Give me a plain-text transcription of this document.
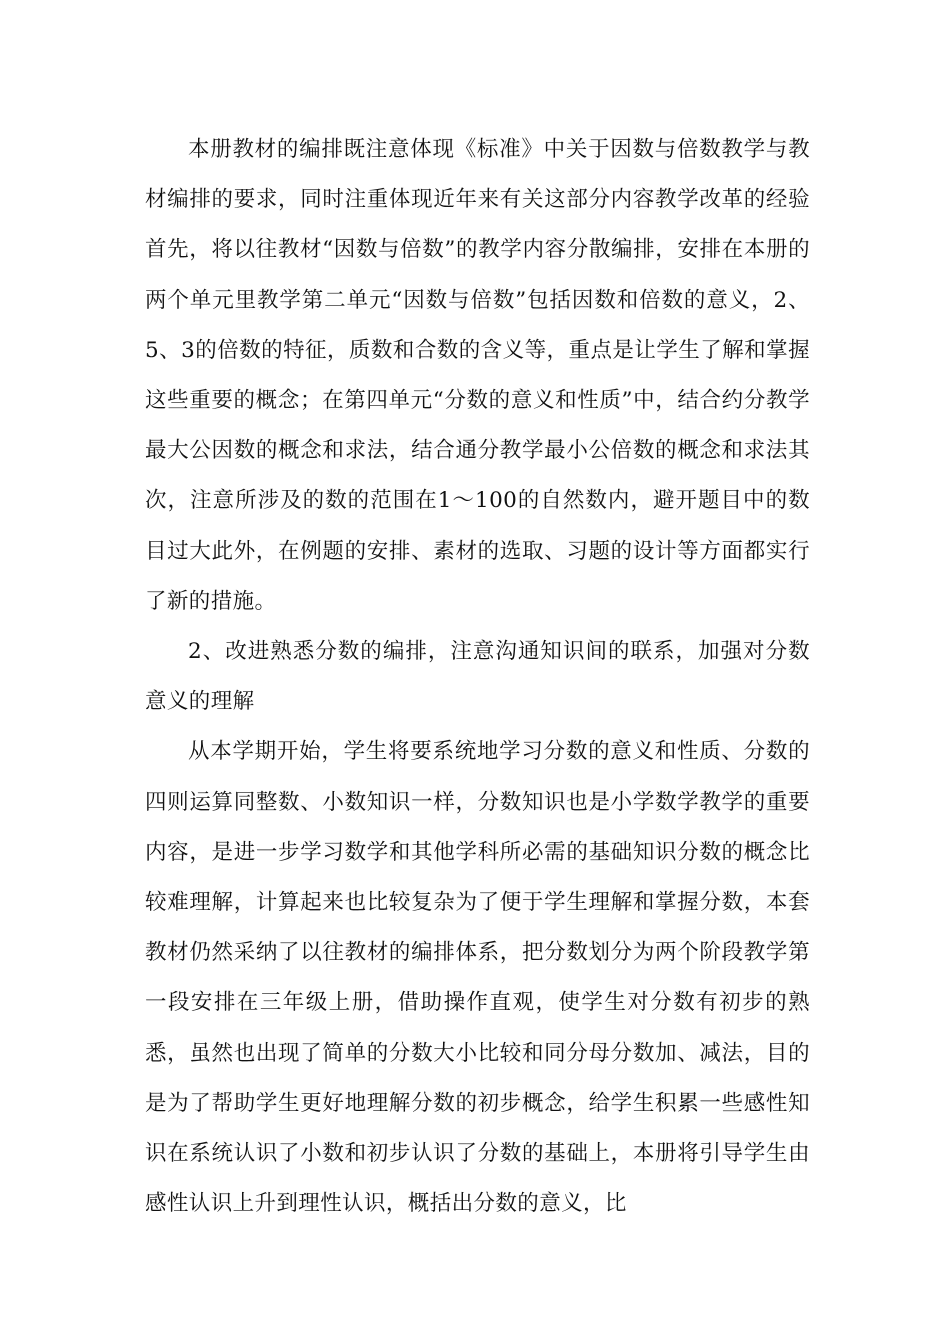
本册教材的编排既注意体现《标准》中关于因数与倍数教学与教材编排的要求，同时注重体现近年来有关这部分内容教学改革的经验首先，将以往教材“因数与倍数”的教学内容分散编排，安排在本册的两个单元里教学第二单元“因数与倍数”包括因数和倍数的意义，2、5、3的倍数的特征，质数和合数的含义等，重点是让学生了解和掌握这些重要的概念；在第四单元“分数的意义和性质”中，结合约分教学最大公因数的概念和求法，结合通分教学最小公倍数的概念和求法其次，注意所涉及的数的范围在1～100的自然数内，避开题目中的数目过大此外，在例题的安排、素材的选取、习题的设计等方面都实行了新的措施。

2、改进熟悉分数的编排，注意沟通知识间的联系，加强对分数意义的理解

从本学期开始，学生将要系统地学习分数的意义和性质、分数的四则运算同整数、小数知识一样，分数知识也是小学数学教学的重要内容，是进一步学习数学和其他学科所必需的基础知识分数的概念比较难理解，计算起来也比较复杂为了便于学生理解和掌握分数，本套教材仍然采纳了以往教材的编排体系，把分数划分为两个阶段教学第一段安排在三年级上册，借助操作直观，使学生对分数有初步的熟悉，虽然也出现了简单的分数大小比较和同分母分数加、减法，目的是为了帮助学生更好地理解分数的初步概念，给学生积累一些感性知识在系统认识了小数和初步认识了分数的基础上，本册将引导学生由感性认识上升到理性认识，概括出分数的意义，比
